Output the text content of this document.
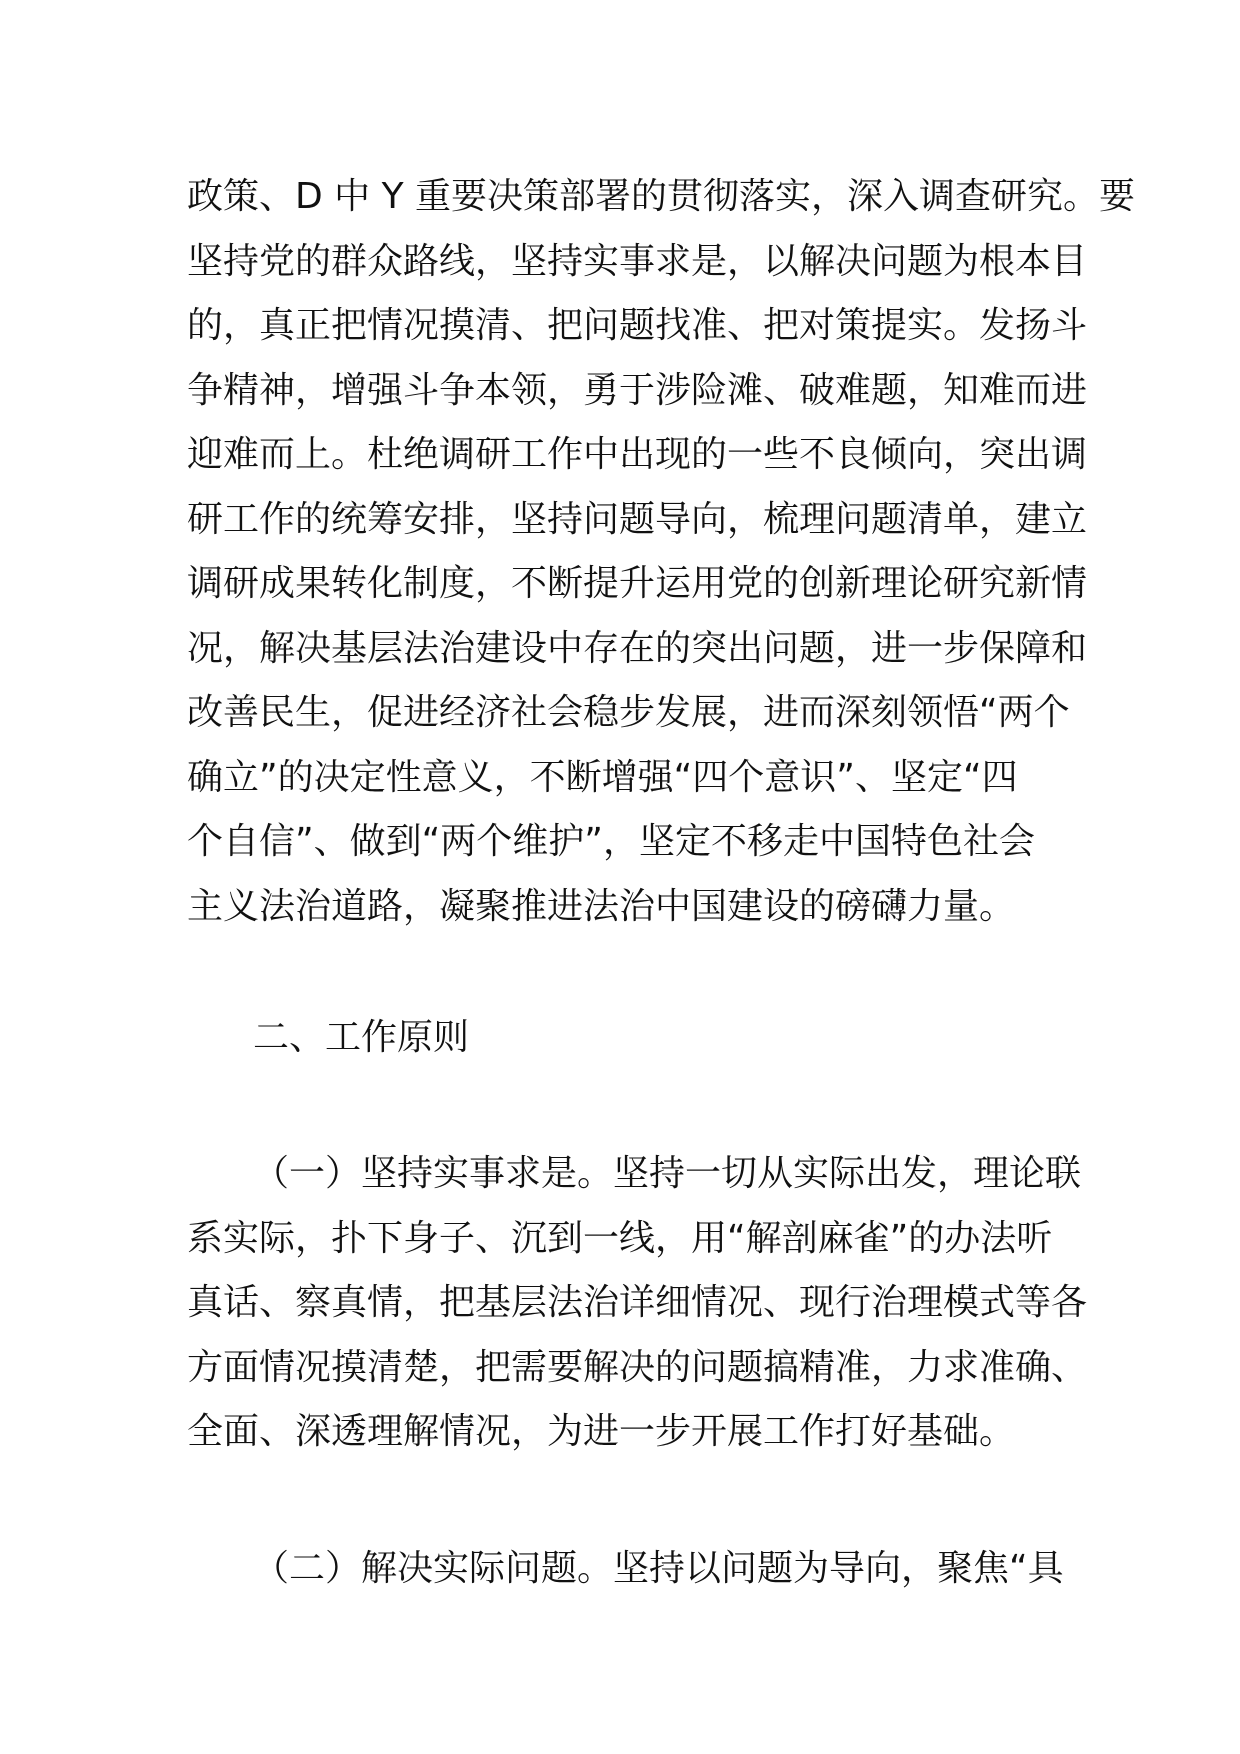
政策、D 中 Y 重要决策部署的贯彻落实，深入调查研究。要
坚持党的群众路线，坚持实事求是，以解决问题为根本目
的，真正把情况摸清、把问题找准、把对策提实。发扬斗
争精神，增强斗争本领，勇于涉险滩、破难题，知难而进
迎难而上。杜绝调研工作中出现的一些不良倾向，突出调
研工作的统筹安排，坚持问题导向，梳理问题清单，建立
调研成果转化制度，不断提升运用党的创新理论研究新情
况，解决基层法治建设中存在的突出问题，进一步保障和
改善民生，促进经济社会稳步发展，进而深刻领悟“两个
确立”的决定性意义，不断增强“四个意识”、坚定“四
个自信”、做到“两个维护”，坚定不移走中国特色社会
主义法治道路，凝聚推进法治中国建设的磅礴力量。
二、工作原则
（一）坚持实事求是。坚持一切从实际出发，理论联
系实际，扑下身子、沉到一线，用“解剖麻雀”的办法听
真话、察真情，把基层法治详细情况、现行治理模式等各
方面情况摸清楚，把需要解决的问题搞精准，力求准确、
全面、深透理解情况，为进一步开展工作打好基础。
（二）解决实际问题。坚持以问题为导向，聚焦“具
